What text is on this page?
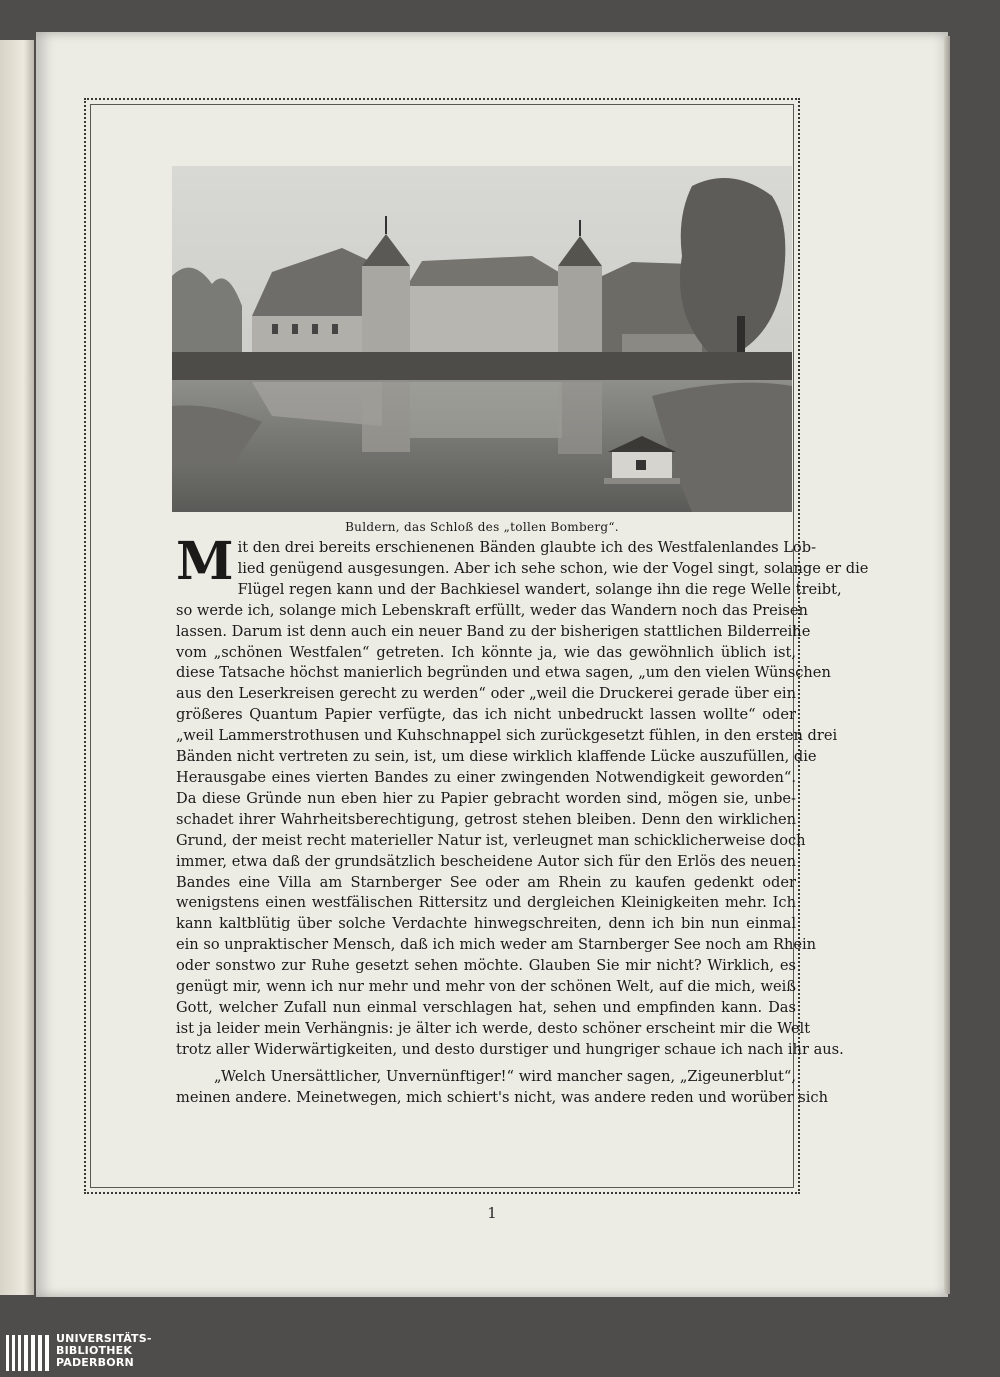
Buldern, das Schloß des „tollen Bomberg“.
M it den drei bereits erschienenen Bänden glaubte ich des Westfalenlandes Lob-
lied genügend ausgesungen. Aber ich sehe schon, wie der Vogel singt, solange er die
Flügel regen kann und der Bachkiesel wandert, solange ihn die rege Welle treibt,
so werde ich, solange mich Lebenskraft erfüllt, weder das Wandern noch das Preisen
lassen. Darum ist denn auch ein neuer Band zu der bisherigen stattlichen Bilderreihe
vom „schönen Westfalen“ getreten. Ich könnte ja, wie das gewöhnlich üblich ist,
diese Tatsache höchst manierlich begründen und etwa sagen, „um den vielen Wünschen
aus den Leserkreisen gerecht zu werden“ oder „weil die Druckerei gerade über ein
größeres Quantum Papier verfügte, das ich nicht unbedruckt lassen wollte“ oder
„weil Lammerstrothusen und Kuhschnappel sich zurückgesetzt fühlen, in den ersten drei
Bänden nicht vertreten zu sein, ist, um diese wirklich klaffende Lücke auszufüllen, die
Herausgabe eines vierten Bandes zu einer zwingenden Notwendigkeit geworden“.
Da diese Gründe nun eben hier zu Papier gebracht worden sind, mögen sie, unbe-
schadet ihrer Wahrheitsberechtigung, getrost stehen bleiben. Denn den wirklichen
Grund, der meist recht materieller Natur ist, verleugnet man schicklicherweise doch
immer, etwa daß der grundsätzlich bescheidene Autor sich für den Erlös des neuen
Bandes eine Villa am Starnberger See oder am Rhein zu kaufen gedenkt oder
wenigstens einen westfälischen Rittersitz und dergleichen Kleinigkeiten mehr. Ich
kann kaltblütig über solche Verdachte hinwegschreiten, denn ich bin nun einmal
ein so unpraktischer Mensch, daß ich mich weder am Starnberger See noch am Rhein
oder sonstwo zur Ruhe gesetzt sehen möchte. Glauben Sie mir nicht? Wirklich, es
genügt mir, wenn ich nur mehr und mehr von der schönen Welt, auf die mich, weiß
Gott, welcher Zufall nun einmal verschlagen hat, sehen und empfinden kann. Das
ist ja leider mein Verhängnis: je älter ich werde, desto schöner erscheint mir die Welt
trotz aller Widerwärtigkeiten, und desto durstiger und hungriger schaue ich nach ihr aus.
„Welch Unersättlicher, Unvernünftiger!“ wird mancher sagen, „Zigeunerblut“,
meinen andere. Meinetwegen, mich schiert's nicht, was andere reden und worüber sich
1
UNIVERSITÄTS-
BIBLIOTHEK
PADERBORN
